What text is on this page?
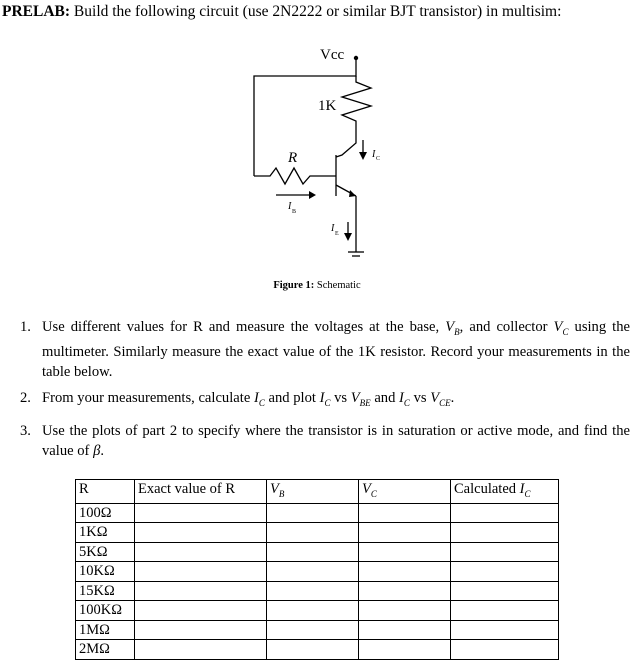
PRELAB: Build the following circuit (use 2N2222 or similar BJT transistor) in multisim:
Vcc
1K
R	I C
I B
I E
Figure 1: Schematic
1. Use different values for R and measure the voltages at the base, $V_B$, and collector $V_C$ using the multimeter. Similarly measure the exact value of the 1K resistor. Record your measurements in the table below.
2. From your measurements, calculate $I_C$ and plot $I_C$ vs $V_{BE}$ and $I_C$ vs $V_{CE}$.
3. Use the plots of part 2 to specify where the transistor is in saturation or active mode, and find the value of β.
R	Exact value of R	$V_B$	$V_C$	Calculated $I_C$
100Ω				
1KΩ				
5KΩ				
10KΩ				
15KΩ				
100KΩ				
1MΩ				
2MΩ				
